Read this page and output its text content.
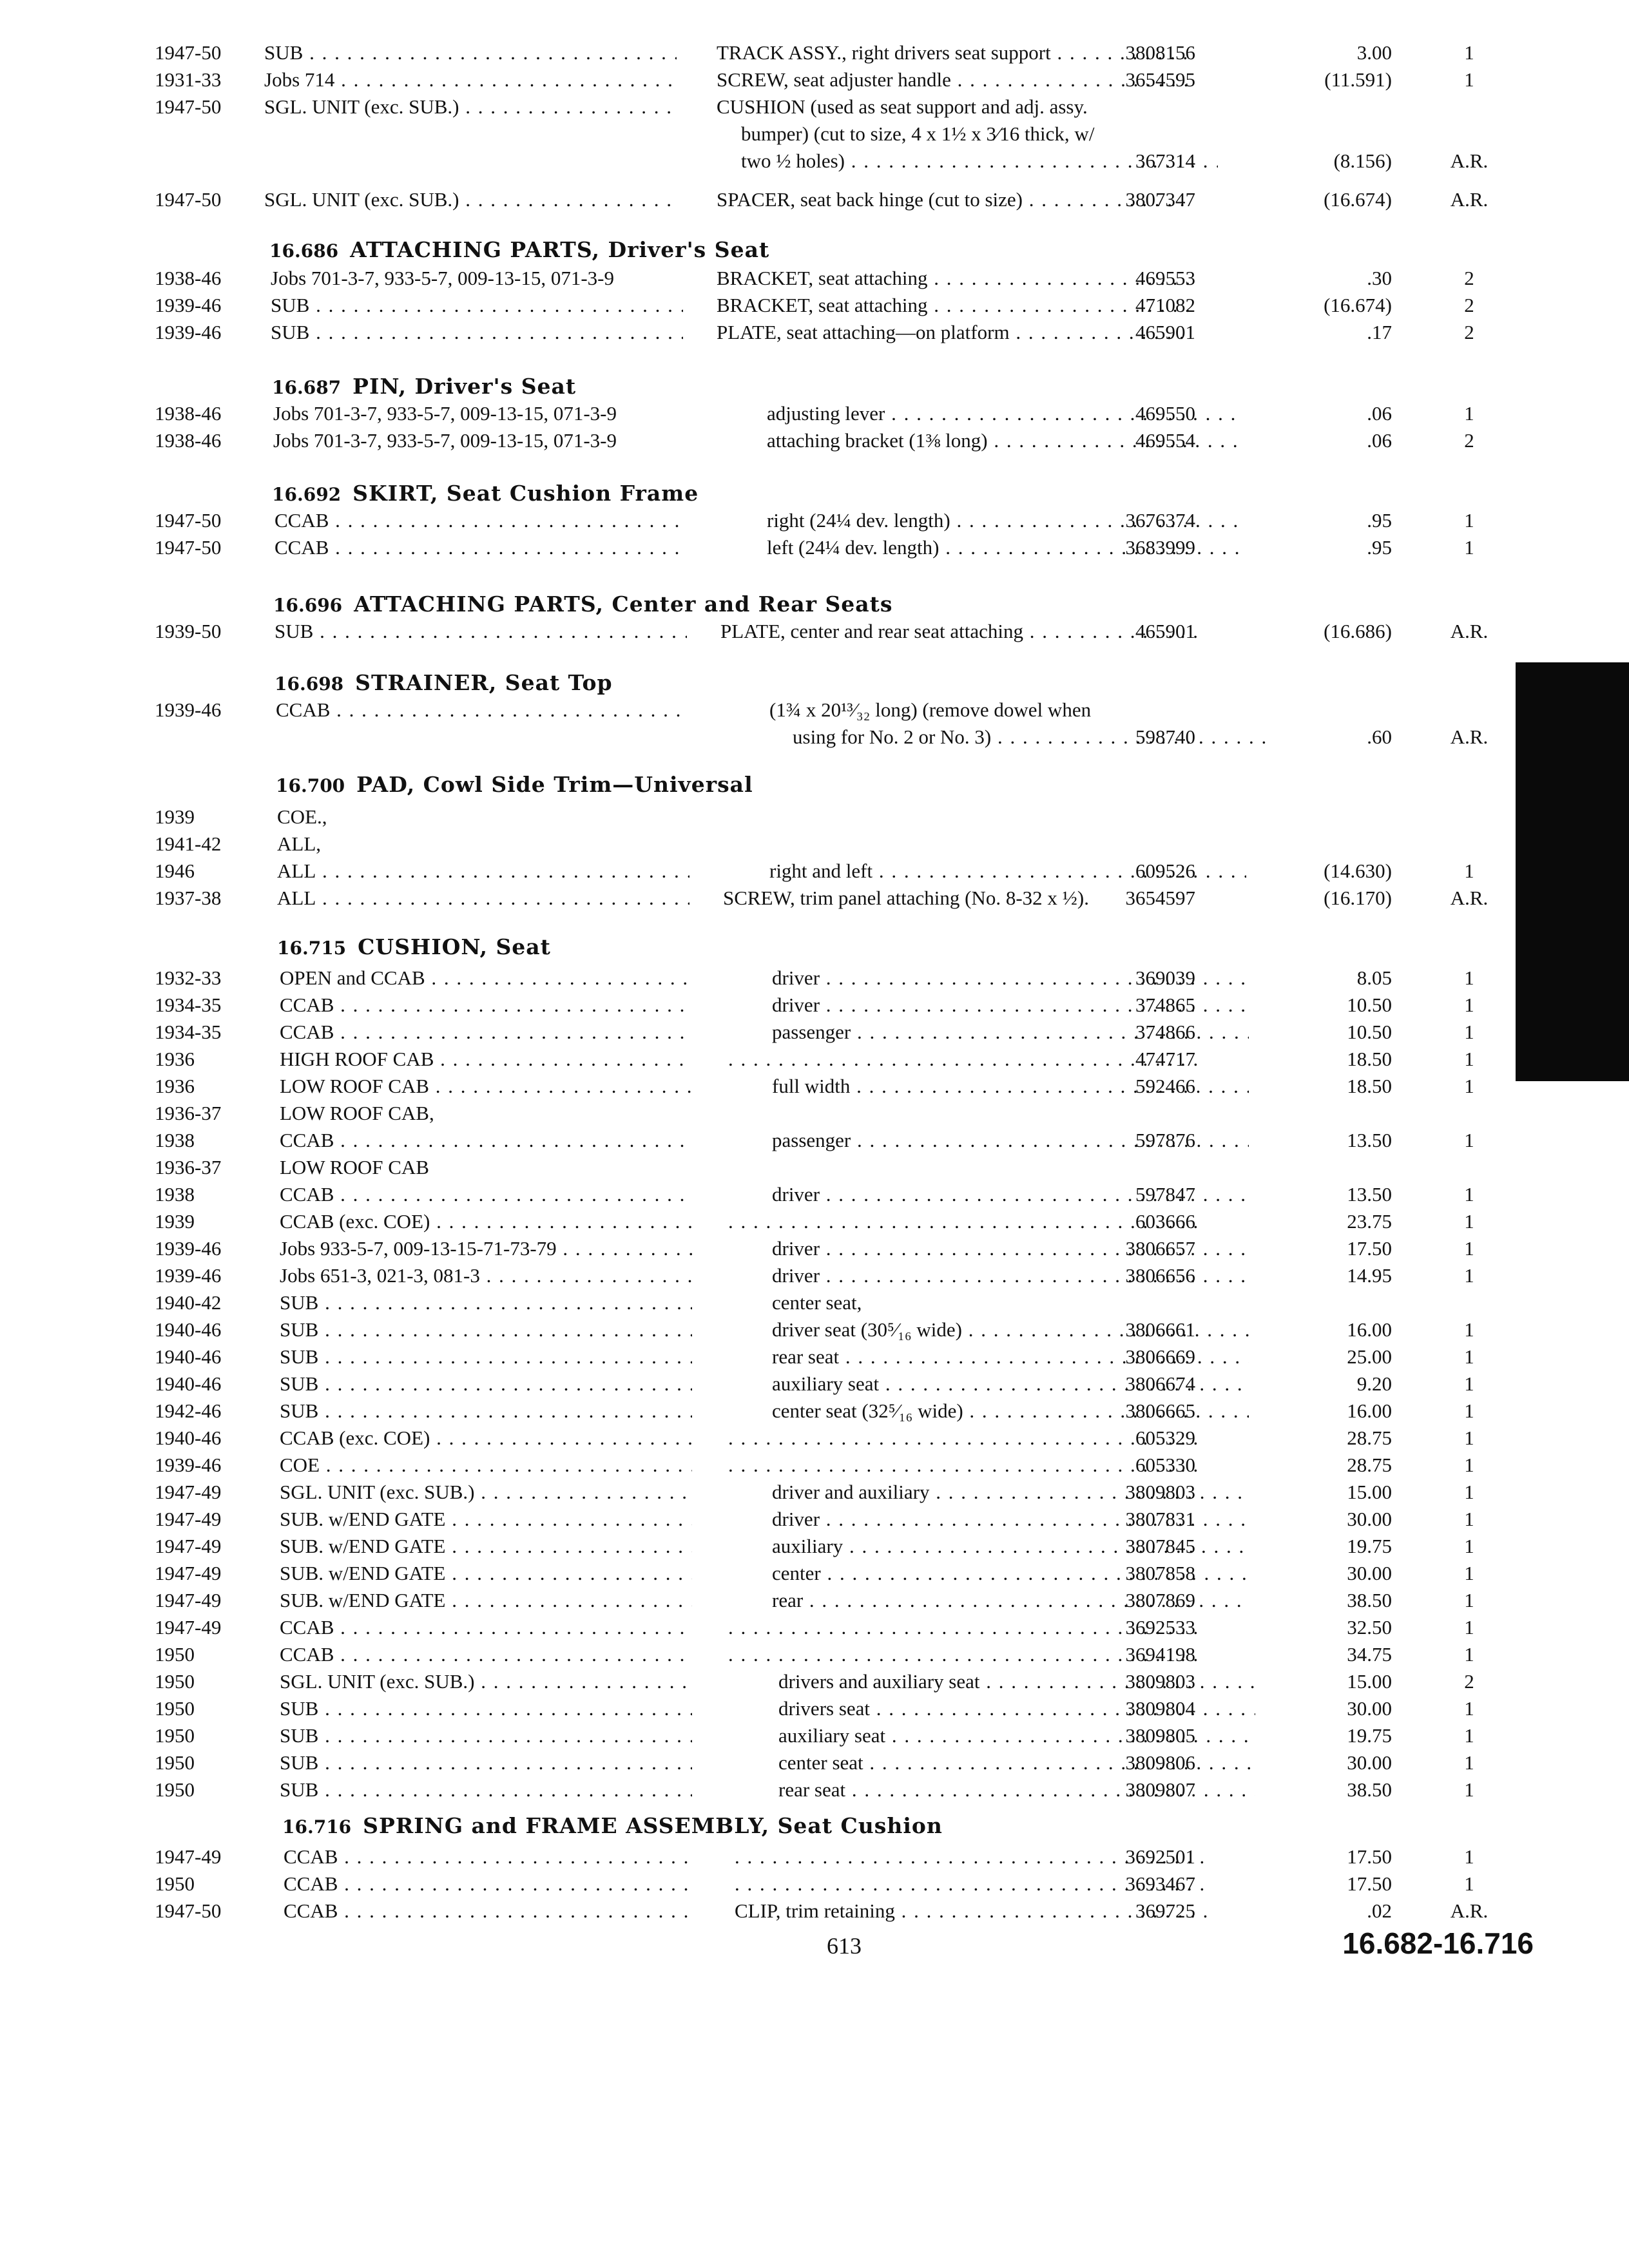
1947-50	SUB . . .	TRACK ASSY., right drivers seat support . . .	3808156	3.00	1
1931-33	Jobs 714 . . .	SCREW, seat adjuster handle . . .	3654595	(11.591)	1
1947-50	SGL. UNIT (exc. SUB.) . . .	CUSHION (used as seat support and adj. assy.
bumper) (cut to size, 4 x 1½ x 3⁄16 thick, w/
two ½ holes) . . .	367314	(8.156)	A.R.
1947-50	SGL. UNIT (exc. SUB.) . . .	SPACER, seat back hinge (cut to size) . . .	3807347	(16.674)	A.R.
1938-46	Jobs 701-3-7, 933-5-7, 009-13-15, 071-3-9	BRACKET, seat attaching . . .	469553	.30	2
1939-46	SUB . . .	BRACKET, seat attaching . . .	471082	(16.674)	2
1939-46	SUB . . .	PLATE, seat attaching—on platform . . .	465901	.17	2
1938-46	Jobs 701-3-7, 933-5-7, 009-13-15, 071-3-9	adjusting lever . . .	469550	.06	1
1938-46	Jobs 701-3-7, 933-5-7, 009-13-15, 071-3-9	attaching bracket (1⅜ long) . . .	469554	.06	2
1947-50	CCAB . . .	right (24¼ dev. length) . . .	3676374	.95	1
1947-50	CCAB . . .	left (24¼ dev. length) . . .	3683999	.95	1
1939-50	SUB . . .	PLATE, center and rear seat attaching . . .	465901	(16.686)	A.R.
1939-46	CCAB . . .	(1¾ x 20¹³⁄₃₂ long) (remove dowel when
using for No. 2 or No. 3) . . .	598740	.60	A.R.
1939	COE.,
1941-42	ALL,
1946	ALL . . .	right and left . . .	609526	(14.630)	1
1937-38	ALL . . .	SCREW, trim panel attaching (No. 8-32 x ½).	3654597	(16.170)	A.R.
1932-33	OPEN and CCAB . . .	driver . . .	369039	8.05	1
1934-35	CCAB . . .	driver . . .	374865	10.50	1
1934-35	CCAB . . .	passenger . . .	374866	10.50	1
1936	HIGH ROOF CAB . . . . . .	474717	18.50	1
1936	LOW ROOF CAB . . .	full width . . .	592466	18.50	1
1936-37	LOW ROOF CAB,
1938	CCAB . . .	passenger . . .	597876	13.50	1
1936-37	LOW ROOF CAB
1938	CCAB . . .	driver . . .	597847	13.50	1
1939	CCAB (exc. COE) . . . . . .	603666	23.75	1
1939-46	Jobs 933-5-7, 009-13-15-71-73-79 . . .	driver . . .	3806657	17.50	1
1939-46	Jobs 651-3, 021-3, 081-3 . . .	driver . . .	3806656	14.95	1
1940-42	SUB . . .	center seat,
1940-46	SUB . . .	driver seat (30⁵⁄₁₆ wide) . . .	3806661	16.00	1
1940-46	SUB . . .	rear seat . . .	3806669	25.00	1
1940-46	SUB . . .	auxiliary seat . . .	3806674	9.20	1
1942-46	SUB . . .	center seat (32⁵⁄₁₆ wide) . . .	3806665	16.00	1
1940-46	CCAB (exc. COE) . . . . . .	605329	28.75	1
1939-46	COE . . . . . .	605330	28.75	1
1947-49	SGL. UNIT (exc. SUB.) . . .	driver and auxiliary . . .	3809803	15.00	1
1947-49	SUB. w/END GATE . . .	driver . . .	3807831	30.00	1
1947-49	SUB. w/END GATE . . .	auxiliary . . .	3807845	19.75	1
1947-49	SUB. w/END GATE . . .	center . . .	3807858	30.00	1
1947-49	SUB. w/END GATE . . .	rear . . .	3807869	38.50	1
1947-49	CCAB . . . . . .	3692533	32.50	1
1950	CCAB . . . . . .	3694198	34.75	1
1950	SGL. UNIT (exc. SUB.) . . .	drivers and auxiliary seat . . .	3809803	15.00	2
1950	SUB . . .	drivers seat . . .	3809804	30.00	1
1950	SUB . . .	auxiliary seat . . .	3809805	19.75	1
1950	SUB . . .	center seat . . .	3809806	30.00	1
1950	SUB . . .	rear seat . . .	3809807	38.50	1
1947-49	CCAB . . . . . .	3692501	17.50	1
1950	CCAB . . . . . .	3693467	17.50	1
1947-50	CCAB . . .	CLIP, trim retaining . . .	369725	.02	A.R.
16.686 ATTACHING PARTS, Driver's Seat
16.687 PIN, Driver's Seat
16.692 SKIRT, Seat Cushion Frame
16.696 ATTACHING PARTS, Center and Rear Seats
16.698 STRAINER, Seat Top
16.700 PAD, Cowl Side Trim—Universal
16.715 CUSHION, Seat
16.716 SPRING and FRAME ASSEMBLY, Seat Cushion
613	16.682-16.716
